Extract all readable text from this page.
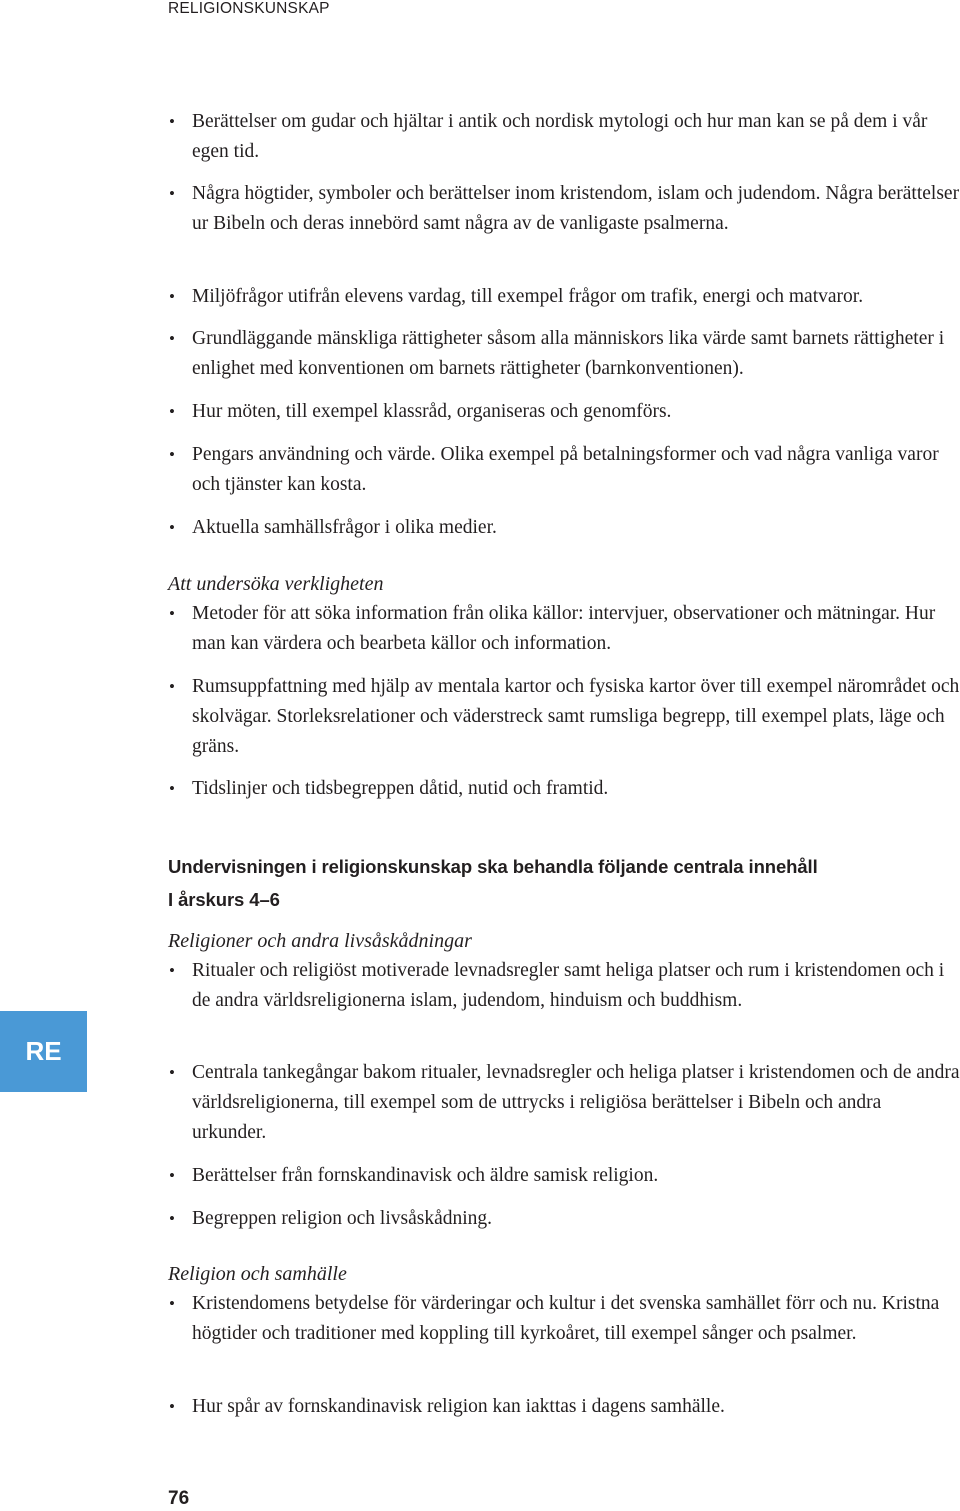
RELIGIONSKUNSKAP
• Berättelser om gudar och hjältar i antik och nordisk mytologi och hur man kan se på dem i vår egen tid.
• Några högtider, symboler och berättelser inom kristendom, islam och judendom. Några berättelser ur Bibeln och deras innebörd samt några av de vanligaste psalmerna.
• Miljöfrågor utifrån elevens vardag, till exempel frågor om trafik, energi och matvaror.
• Grundläggande mänskliga rättigheter såsom alla människors lika värde samt barnets rättigheter i enlighet med konventionen om barnets rättigheter (barnkonventionen).
• Hur möten, till exempel klassråd, organiseras och genomförs.
• Pengars användning och värde. Olika exempel på betalningsformer och vad några vanliga varor och tjänster kan kosta.
• Aktuella samhällsfrågor i olika medier.
Att undersöka verkligheten
• Metoder för att söka information från olika källor: intervjuer, observationer och mätningar. Hur man kan värdera och bearbeta källor och information.
• Rumsuppfattning med hjälp av mentala kartor och fysiska kartor över till exempel närområdet och skolvägar. Storleksrelationer och väderstreck samt rumsliga begrepp, till exempel plats, läge och gräns.
• Tidslinjer och tidsbegreppen dåtid, nutid och framtid.
Undervisningen i religionskunskap ska behandla följande centrala innehåll
I årskurs 4–6
Religioner och andra livsåskådningar
• Ritualer och religiöst motiverade levnadsregler samt heliga platser och rum i kristendomen och i de andra världsreligionerna islam, judendom, hinduism och buddhism.
• Centrala tankegångar bakom ritualer, levnadsregler och heliga platser i kristendomen och de andra världsreligionerna, till exempel som de uttrycks i religiösa berättelser i Bibeln och andra urkunder.
• Berättelser från fornskandinavisk och äldre samisk religion.
• Begreppen religion och livsåskådning.
Religion och samhälle
• Kristendomens betydelse för värderingar och kultur i det svenska samhället förr och nu. Kristna högtider och traditioner med koppling till kyrkoåret, till exempel sånger och psalmer.
• Hur spår av fornskandinavisk religion kan iakttas i dagens samhälle.
RE
76
